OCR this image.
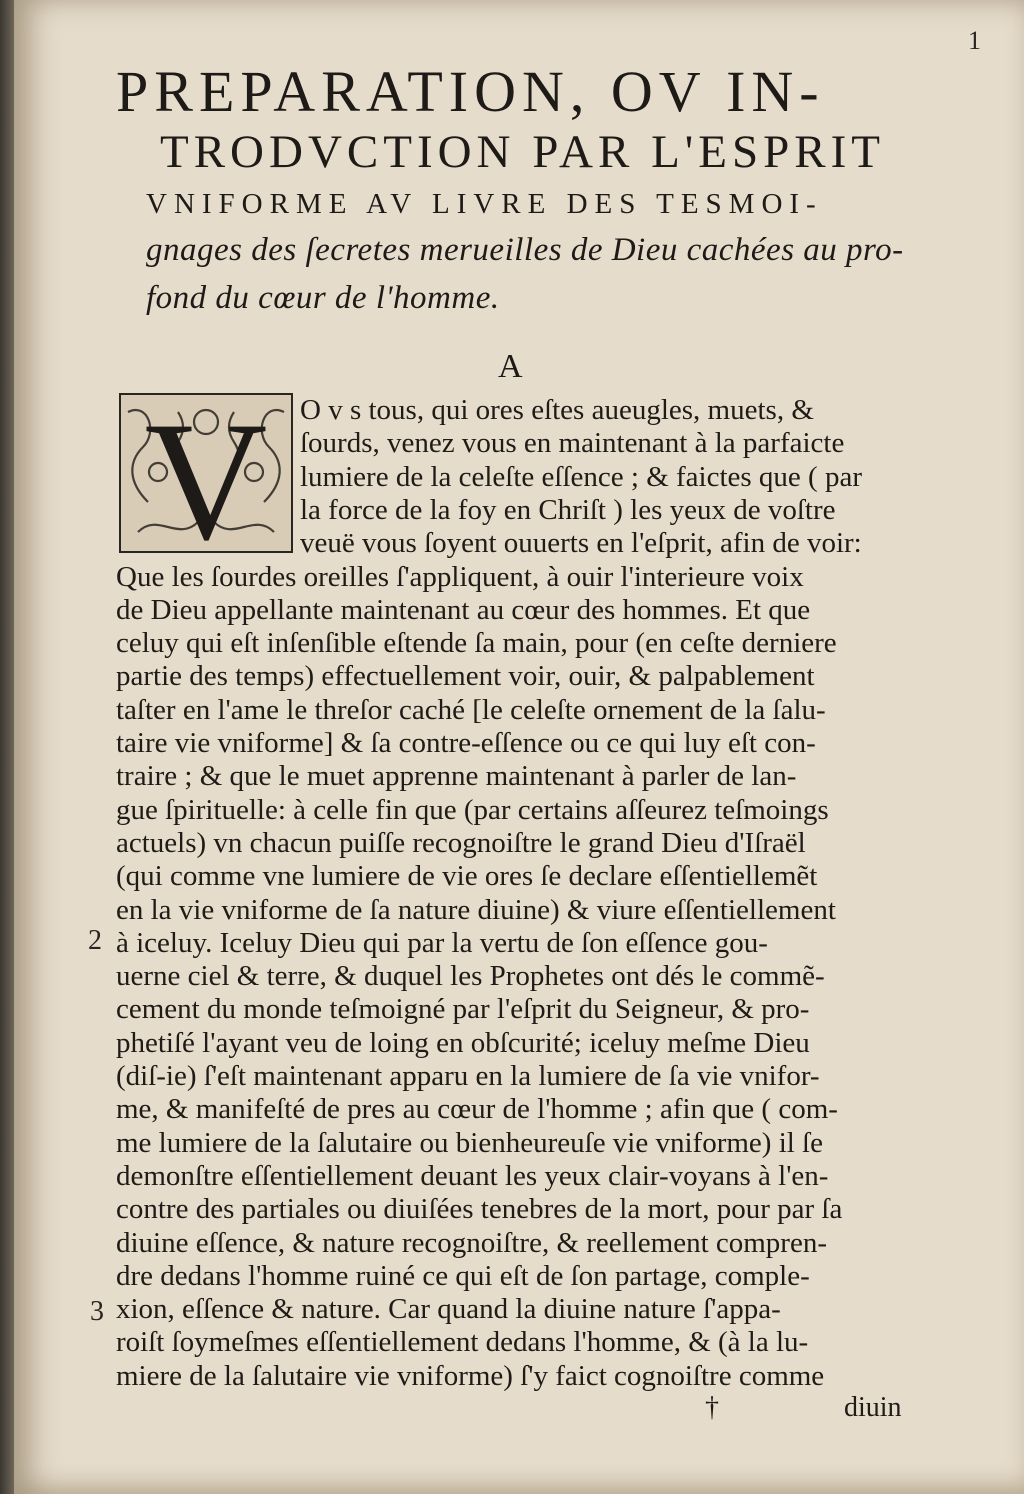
1
PREPARATION, OV IN-
TRODVCTION PAR L'ESPRIT
VNIFORME AV LIVRE DES TESMOI-
gnages des ſecretes merueilles de Dieu cachées au pro-
fond du cœur de l'homme.
A
V O v s tous, qui ores eſtes aueugles, muets, &
ſourds, venez vous en maintenant à la parfaicte
lumiere de la celeſte eſſence ; & faictes que ( par
la force de la foy en Chriſt ) les yeux de voſtre
veuë vous ſoyent ouuerts en l'eſprit, afin de voir:
Que les ſourdes oreilles ſ'appliquent, à ouir l'interieure voix
de Dieu appellante maintenant au cœur des hommes. Et que
celuy qui eſt inſenſible eſtende ſa main, pour (en ceſte derniere
partie des temps) effectuellement voir, ouir, & palpablement
taſter en l'ame le threſor caché [le celeſte ornement de la ſalu-
taire vie vniforme] & ſa contre-eſſence ou ce qui luy eſt con-
traire ; & que le muet apprenne maintenant à parler de lan-
gue ſpirituelle: à celle fin que (par certains aſſeurez teſmoings
actuels) vn chacun puiſſe recognoiſtre le grand Dieu d'Iſraël
(qui comme vne lumiere de vie ores ſe declare eſſentiellemẽt
en la vie vniforme de ſa nature diuine) & viure eſſentiellement
à iceluy. Iceluy Dieu qui par la vertu de ſon eſſence gou-
uerne ciel & terre, & duquel les Prophetes ont dés le commẽ-
cement du monde teſmoigné par l'eſprit du Seigneur, & pro-
phetiſé l'ayant veu de loing en obſcurité; iceluy meſme Dieu
(diſ-ie) ſ'eſt maintenant apparu en la lumiere de ſa vie vnifor-
me, & manifeſté de pres au cœur de l'homme ; afin que ( com-
me lumiere de la ſalutaire ou bienheureuſe vie vniforme) il ſe
demonſtre eſſentiellement deuant les yeux clair-voyans à l'en-
contre des partiales ou diuiſées tenebres de la mort, pour par ſa
diuine eſſence, & nature recognoiſtre, & reellement compren-
dre dedans l'homme ruiné ce qui eſt de ſon partage, comple-
xion, eſſence & nature. Car quand la diuine nature ſ'appa-
roiſt ſoymeſmes eſſentiellement dedans l'homme, & (à la lu-
miere de la ſalutaire vie vniforme) ſ'y faict cognoiſtre comme
2
3
†	diuin
